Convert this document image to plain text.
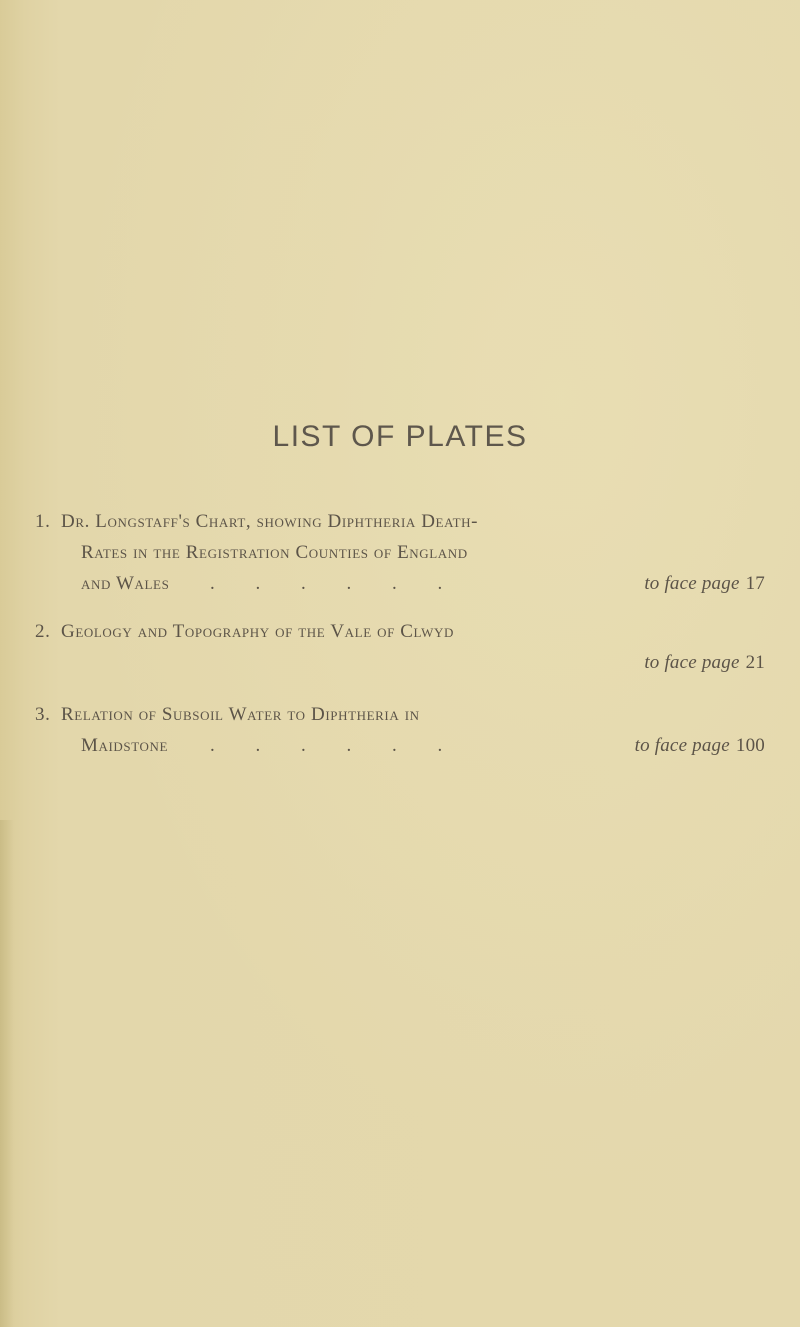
LIST OF PLATES
1. Dr. Longstaff's Chart, showing Diphtheria Death-
Rates in the Registration Counties of England
and Wales . . . . . .	to face page 17
2. Geology and Topography of the Vale of Clwyd
to face page 21
3. Relation of Subsoil Water to Diphtheria in
Maidstone . . . . . .	to face page 100
